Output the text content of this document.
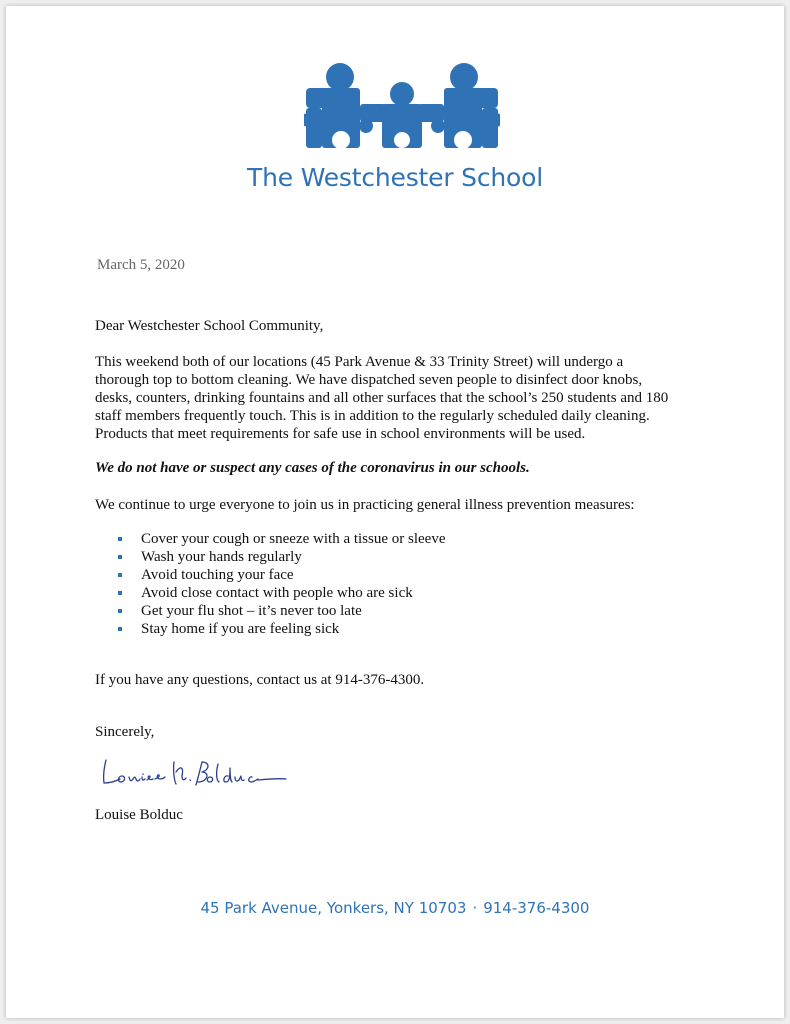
The Westchester School
March 5, 2020

Dear Westchester School Community,

This weekend both of our locations (45 Park Avenue & 33 Trinity Street) will undergo a
thorough top to bottom cleaning. We have dispatched seven people to disinfect door knobs,
desks, counters, drinking fountains and all other surfaces that the school’s 250 students and 180
staff members frequently touch. This is in addition to the regularly scheduled daily cleaning.
Products that meet requirements for safe use in school environments will be used.

We do not have or suspect any cases of the coronavirus in our schools.

We continue to urge everyone to join us in practicing general illness prevention measures:

Cover your cough or sneeze with a tissue or sleeve
Wash your hands regularly
Avoid touching your face
Avoid close contact with people who are sick
Get your flu shot – it’s never too late
Stay home if you are feeling sick

If you have any questions, contact us at 914-376-4300.

Sincerely,

Louise Bolduc

45 Park Avenue, Yonkers, NY 10703 · 914-376-4300
